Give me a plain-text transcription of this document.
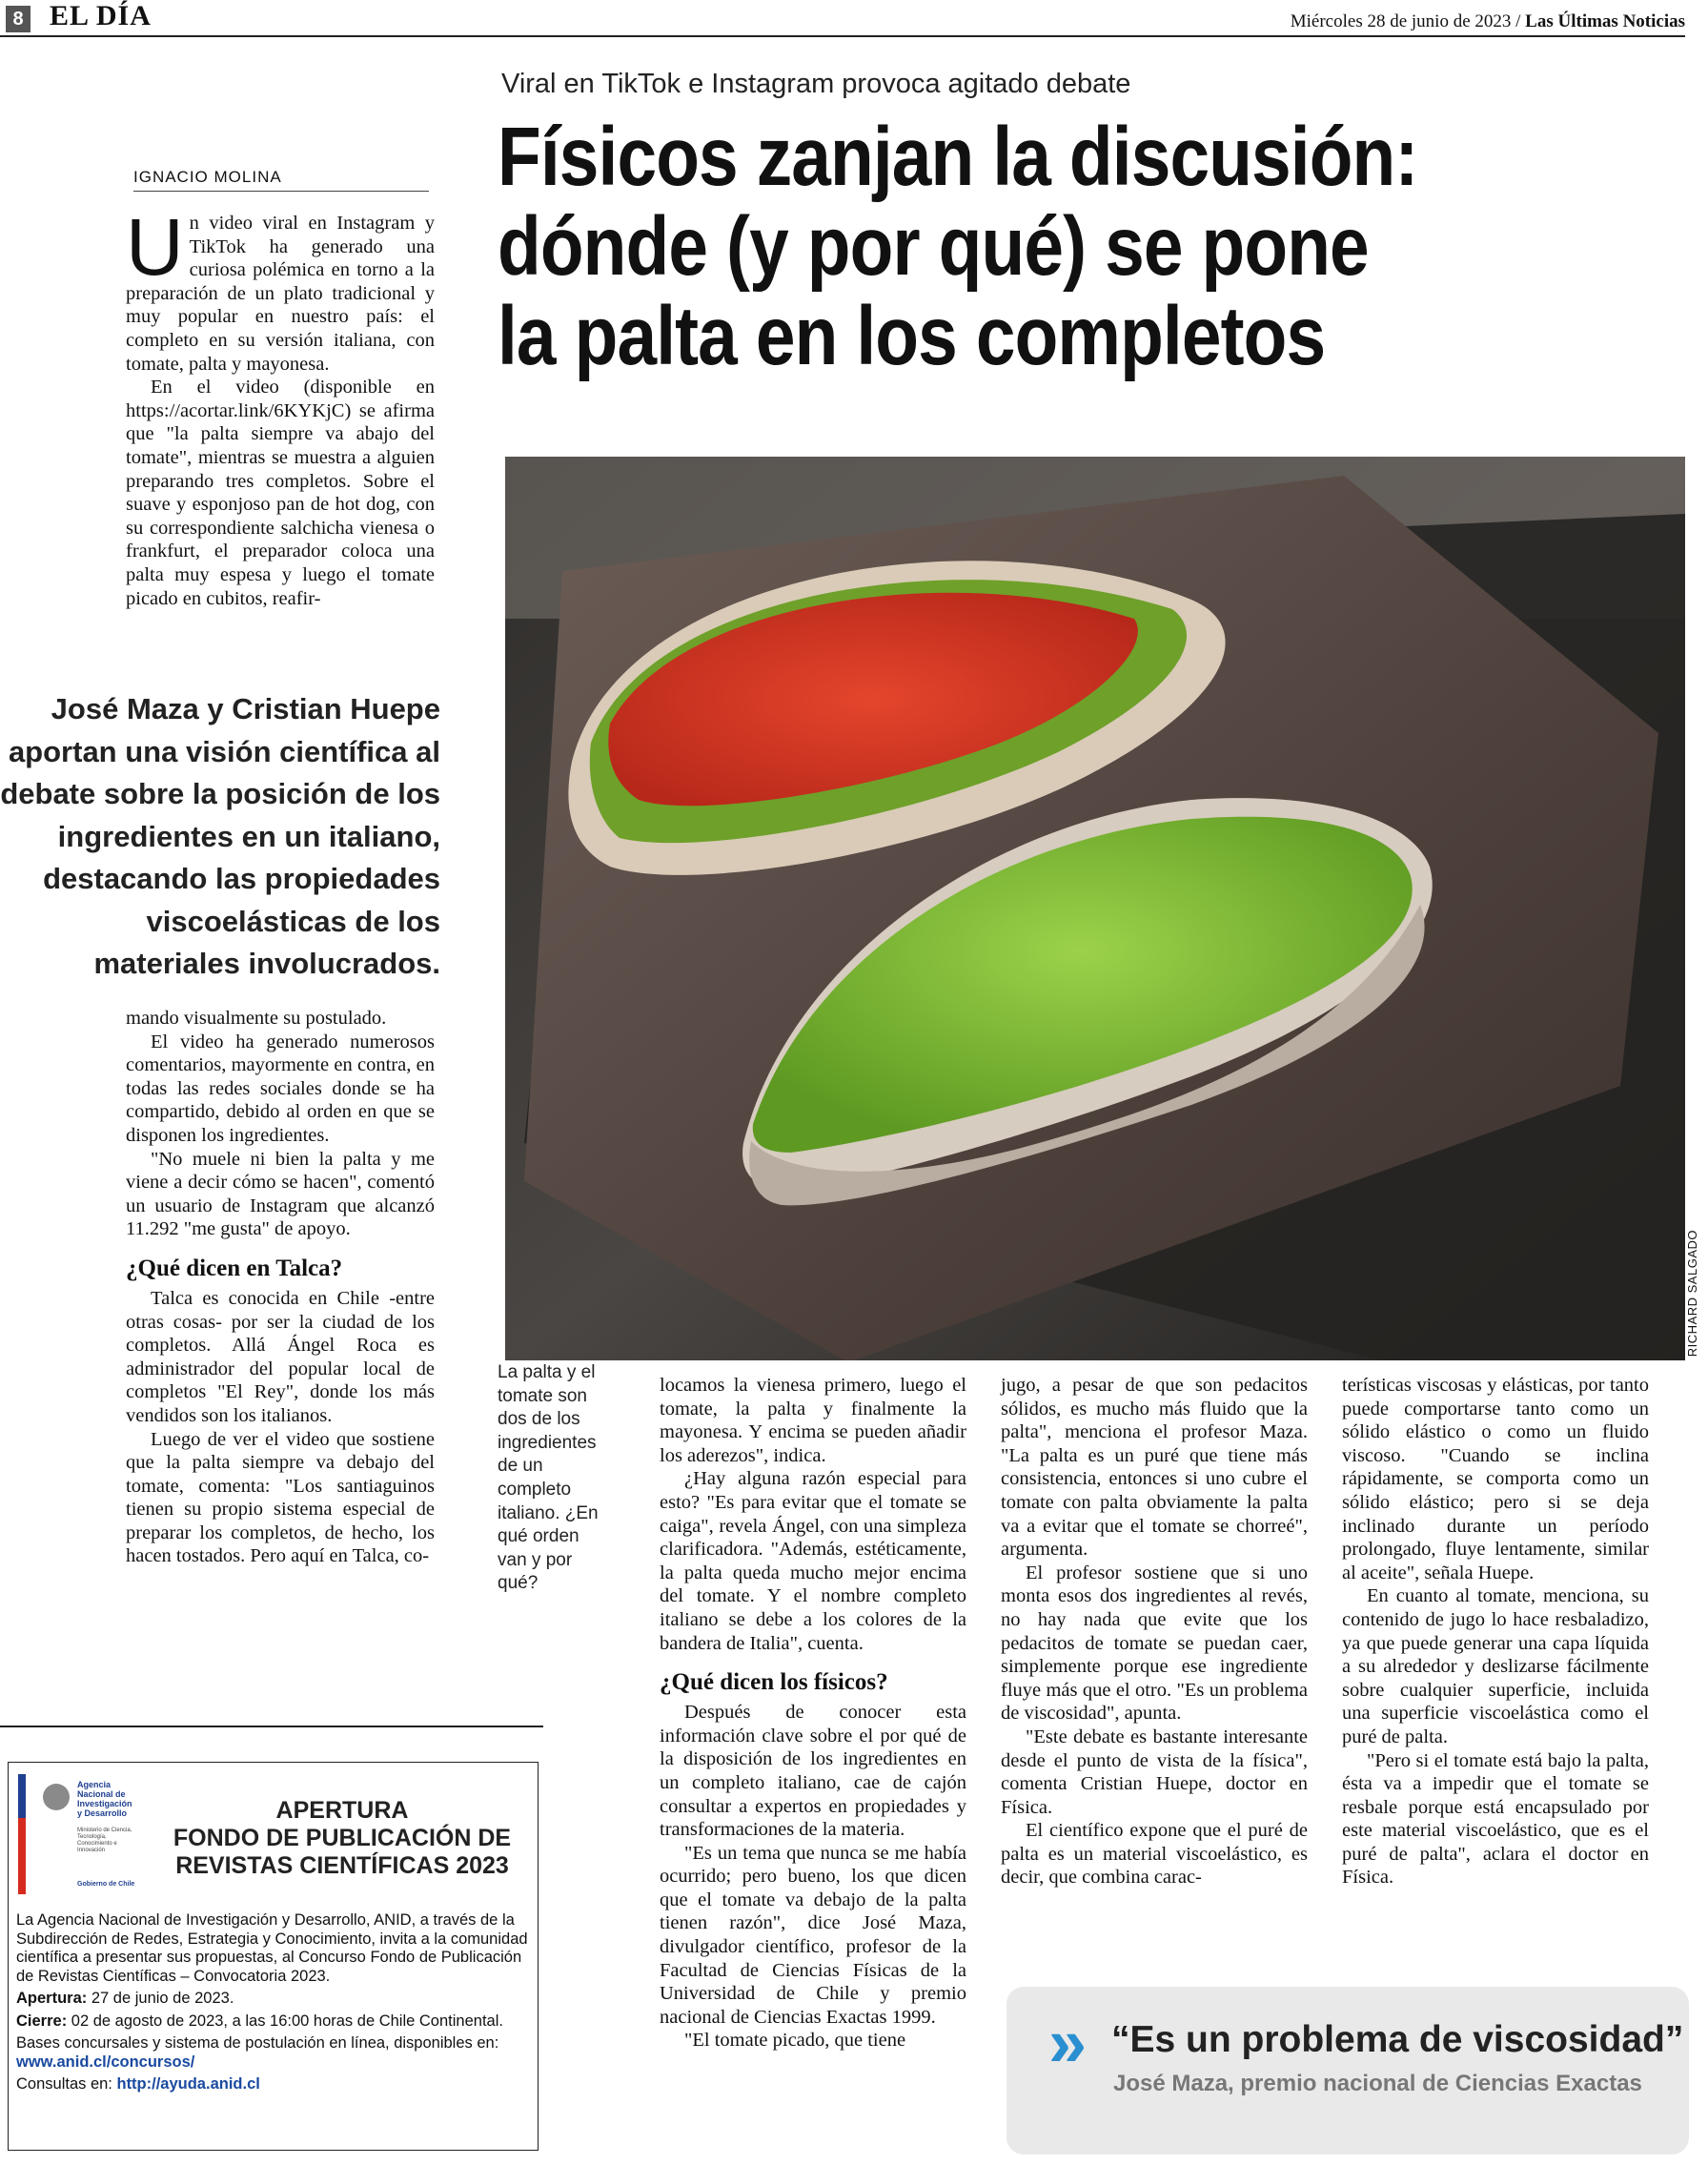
8 EL DÍA	Miércoles 28 de junio de 2023 / Las Últimas Noticias
Viral en TikTok e Instagram provoca agitado debate
Físicos zanjan la discusión:
dónde (y por qué) se pone
la palta en los completos
IGNACIO MOLINA

Un video viral en Instagram y TikTok ha generado una curiosa polémica en torno a la preparación de un plato tradicional y muy popular en nuestro país: el completo en su versión italiana, con tomate, palta y mayonesa.

En el video (disponible en https://acortar.link/6KYKjC) se afirma que "la palta siempre va abajo del tomate", mientras se muestra a alguien preparando tres completos. Sobre el suave y esponjoso pan de hot dog, con su correspondiente salchicha vienesa o frankfurt, el preparador coloca una palta muy espesa y luego el tomate picado en cubitos, reafir-

José Maza y Cristian Huepe aportan una visión científica al debate sobre la posición de los ingredientes en un italiano, destacando las propiedades viscoelásticas de los materiales involucrados.

mando visualmente su postulado.

El video ha generado numerosos comentarios, mayormente en contra, en todas las redes sociales donde se ha compartido, debido al orden en que se disponen los ingredientes.

"No muele ni bien la palta y me viene a decir cómo se hacen", comentó un usuario de Instagram que alcanzó 11.292 "me gusta" de apoyo.

¿Qué dicen en Talca?

Talca es conocida en Chile -entre otras cosas- por ser la ciudad de los completos. Allá Ángel Roca es administrador del popular local de completos "El Rey", donde los más vendidos son los italianos.

Luego de ver el video que sostiene que la palta siempre va debajo del tomate, comenta: "Los santiaguinos tienen su propio sistema especial de preparar los completos, de hecho, los hacen tostados. Pero aquí en Talca, co-

RICHARD SALGADO
La palta y el tomate son dos de los ingredientes de un completo italiano. ¿En qué orden van y por qué?

locamos la vienesa primero, luego el tomate, la palta y finalmente la mayonesa. Y encima se pueden añadir los aderezos", indica.

¿Hay alguna razón especial para esto? "Es para evitar que el tomate se caiga", revela Ángel, con una simpleza clarificadora. "Además, estéticamente, la palta queda mucho mejor encima del tomate. Y el nombre completo italiano se debe a los colores de la bandera de Italia", cuenta.

¿Qué dicen los físicos?

Después de conocer esta información clave sobre el por qué de la disposición de los ingredientes en un completo italiano, cae de cajón consultar a expertos en propiedades y transformaciones de la materia.

"Es un tema que nunca se me había ocurrido; pero bueno, los que dicen que el tomate va debajo de la palta tienen razón", dice José Maza, divulgador científico, profesor de la Facultad de Ciencias Físicas de la Universidad de Chile y premio nacional de Ciencias Exactas 1999.

"El tomate picado, que tiene

jugo, a pesar de que son pedacitos sólidos, es mucho más fluido que la palta", menciona el profesor Maza. "La palta es un puré que tiene más consistencia, entonces si uno cubre el tomate con palta obviamente la palta va a evitar que el tomate se chorreé", argumenta.

El profesor sostiene que si uno monta esos dos ingredientes al revés, no hay nada que evite que los pedacitos de tomate se puedan caer, simplemente porque ese ingrediente fluye más que el otro. "Es un problema de viscosidad", apunta.

"Este debate es bastante interesante desde el punto de vista de la física", comenta Cristian Huepe, doctor en Física.

El científico expone que el puré de palta es un material viscoelástico, es decir, que combina carac-

terísticas viscosas y elásticas, por tanto puede comportarse tanto como un sólido elástico o como un fluido viscoso. "Cuando se inclina rápidamente, se comporta como un sólido elástico; pero si se deja inclinado durante un período prolongado, fluye lentamente, similar al aceite", señala Huepe.

En cuanto al tomate, menciona, su contenido de jugo lo hace resbaladizo, ya que puede generar una capa líquida a su alrededor y deslizarse fácilmente sobre cualquier superficie, incluida una superficie viscoelástica como el puré de palta.

"Pero si el tomate está bajo la palta, ésta va a impedir que el tomate se resbale porque está encapsulado por este material viscoelástico, que es el puré de palta", aclara el doctor en Física.

» “Es un problema de viscosidad”
José Maza, premio nacional de Ciencias Exactas
Agencia
Nacional de
Investigación
y Desarrollo
Ministerio de Ciencia, Tecnología, Conocimiento e Innovación
Gobierno de Chile
APERTURA
FONDO DE PUBLICACIÓN DE
REVISTAS CIENTÍFICAS 2023

La Agencia Nacional de Investigación y Desarrollo, ANID, a través de la Subdirección de Redes, Estrategia y Conocimiento, invita a la comunidad científica a presentar sus propuestas, al Concurso Fondo de Publicación de Revistas Científicas – Convocatoria 2023.

Apertura: 27 de junio de 2023.

Cierre: 02 de agosto de 2023, a las 16:00 horas de Chile Continental.

Bases concursales y sistema de postulación en línea, disponibles en: www.anid.cl/concursos/

Consultas en: http://ayuda.anid.cl
